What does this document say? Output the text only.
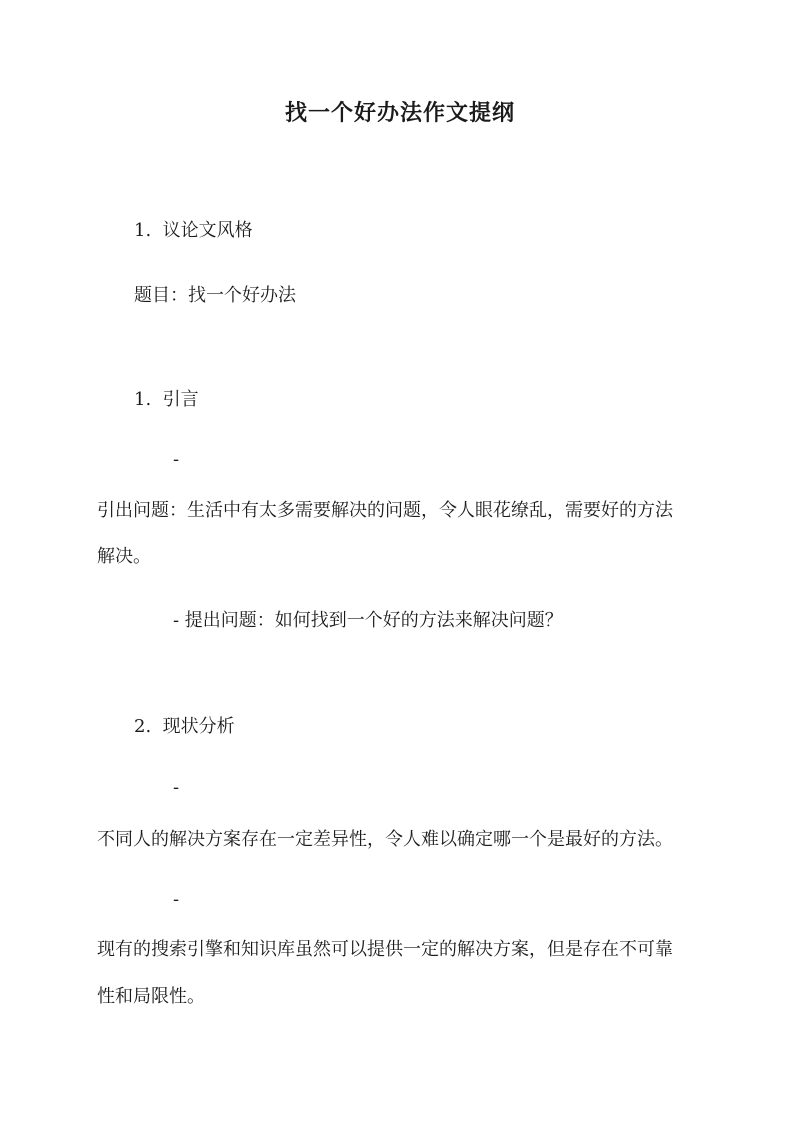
找一个好办法作文提纲
1. 议论文风格
题目：找一个好办法
1. 引言
-
引出问题：生活中有太多需要解决的问题，令人眼花缭乱，需要好的方法
解决。
- 提出问题：如何找到一个好的方法来解决问题？
2. 现状分析
-
不同人的解决方案存在一定差异性，令人难以确定哪一个是最好的方法。
-
现有的搜索引擎和知识库虽然可以提供一定的解决方案，但是存在不可靠
性和局限性。
